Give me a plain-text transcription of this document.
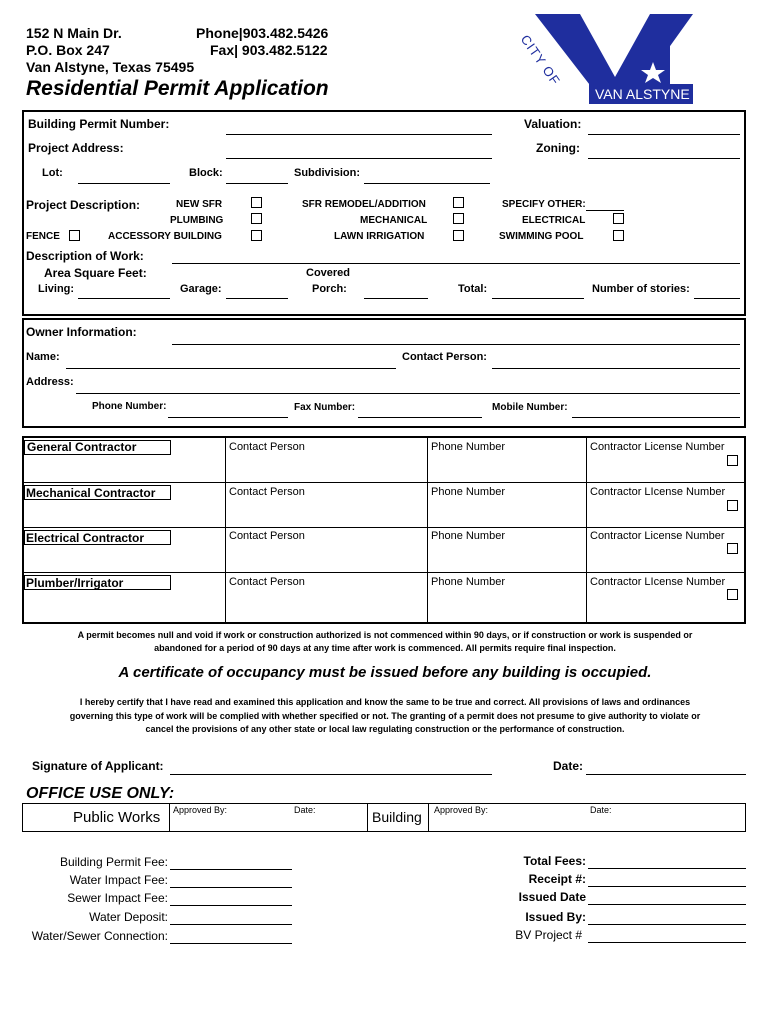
152 N Main Dr.
P.O. Box 247
Van Alstyne, Texas 75495
Phone|903.482.5426
Fax| 903.482.5122
Residential Permit Application
CITY OF
VAN ALSTYNE
Building Permit Number:	Valuation:
Project Address:	Zoning:
Lot:	Block:	Subdivision:
Project Description:	NEW SFR
PLUMBING
FENCE	ACCESSORY BUILDING
SFR REMODEL/ADDITION
MECHANICAL
LAWN IRRIGATION
SPECIFY OTHER:
ELECTRICAL
SWIMMING POOL
Description of Work:
Area Square Feet:
Living:	Garage:
Covered
Porch:	Total:	Number of stories:
Owner Information:
Name:	Contact Person:
Address:
Phone Number:	Fax Number:	Mobile Number:
General Contractor	Contact Person	Phone Number	Contractor License Number
Mechanical Contractor	Contact Person	Phone Number	Contractor LIcense Number
Electrical Contractor	Contact Person	Phone Number	Contractor License Number
Plumber/Irrigator	Contact Person	Phone Number	Contractor LIcense Number
A permit becomes null and void if work or construction authorized is not commenced within 90 days, or if construction or work is suspended or
abandoned for a period of 90 days at any time after work is commenced. All permits require final inspection.
A certificate of occupancy must be issued before any building is occupied.
I hereby certify that I have read and examined this application and know the same to be true and correct. All provisions of laws and ordinances
governing this type of work will be complied with whether specified or not. The granting of a permit does not presume to give authority to violate or
cancel the provisions of any other state or local law regulating construction or the performance of construction.
Signature of Applicant:	Date:
OFFICE USE ONLY:
Public Works Approved By:	Date:	Building Approved By:	Date:
Building Permit Fee:
Water Impact Fee:
Sewer Impact Fee:
Water Deposit:
Water/Sewer Connection:
Total Fees:
Receipt #:
Issued Date
Issued By:
BV Project #
